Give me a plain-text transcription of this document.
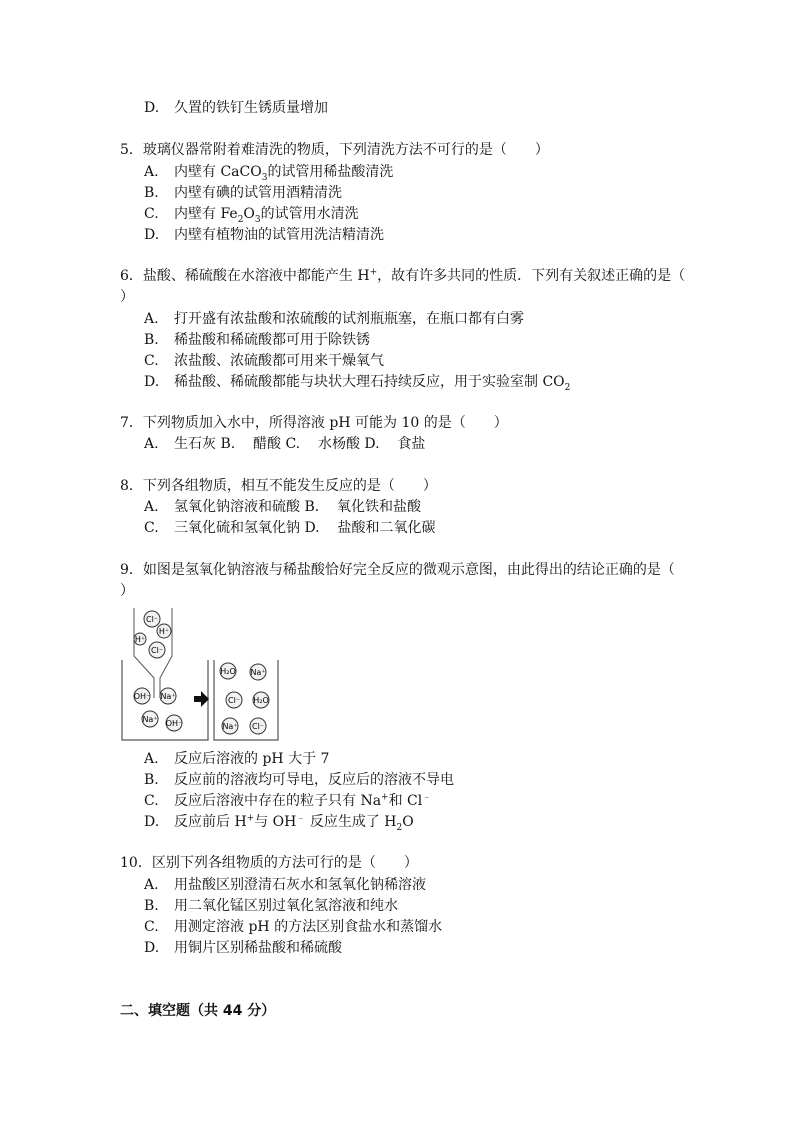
D. 久置的铁钉生锈质量增加
5．玻璃仪器常附着难清洗的物质，下列清洗方法不可行的是（　　）
A. 内壁有 CaCO$_3$的试管用稀盐酸清洗
B. 内壁有碘的试管用酒精清洗
C. 内壁有 $Fe_2O_3$的试管用水清洗
D. 内壁有植物油的试管用洗洁精清洗
6．盐酸、稀硫酸在水溶液中都能产生 H+，故有许多共同的性质．下列有关叙述正确的是（
）
A. 打开盛有浓盐酸和浓硫酸的试剂瓶瓶塞，在瓶口都有白雾
B. 稀盐酸和稀硫酸都可用于除铁锈
C. 浓盐酸、浓硫酸都可用来干燥氧气
D. 稀盐酸、稀硫酸都能与块状大理石持续反应，用于实验室制 $CO_2$
7．下列物质加入水中，所得溶液 pH 可能为 10 的是（　　）
A. 生石灰 B. 醋酸 C. 水杨酸 D. 食盐
8．下列各组物质，相互不能发生反应的是（　　）
A. 氢氧化钠溶液和硫酸 B. 氧化铁和盐酸
C. 三氧化硫和氢氧化钠 D. 盐酸和二氧化碳
9．如图是氢氧化钠溶液与稀盐酸恰好完全反应的微观示意图，由此得出的结论正确的是（
）
Cl⁻
H⁺
H⁺
Cl⁻
OH⁻ Na⁺
Na⁺ OH⁻
H₂O Na⁺
Cl⁻ H₂O
Na⁺ Cl⁻
A. 反应后溶液的 pH 大于 7
B. 反应前的溶液均可导电，反应后的溶液不导电
C. 反应后溶液中存在的粒子只有 Na+和 Cl﹣
D. 反应前后 H+与 OH﹣ 反应生成了 $H_2O$
10．区别下列各组物质的方法可行的是（　　）
A. 用盐酸区别澄清石灰水和氢氧化钠稀溶液
B. 用二氧化锰区别过氧化氢溶液和纯水
C. 用测定溶液 pH 的方法区别食盐水和蒸馏水
D. 用铜片区别稀盐酸和稀硫酸
二、填空题（共 44 分）
